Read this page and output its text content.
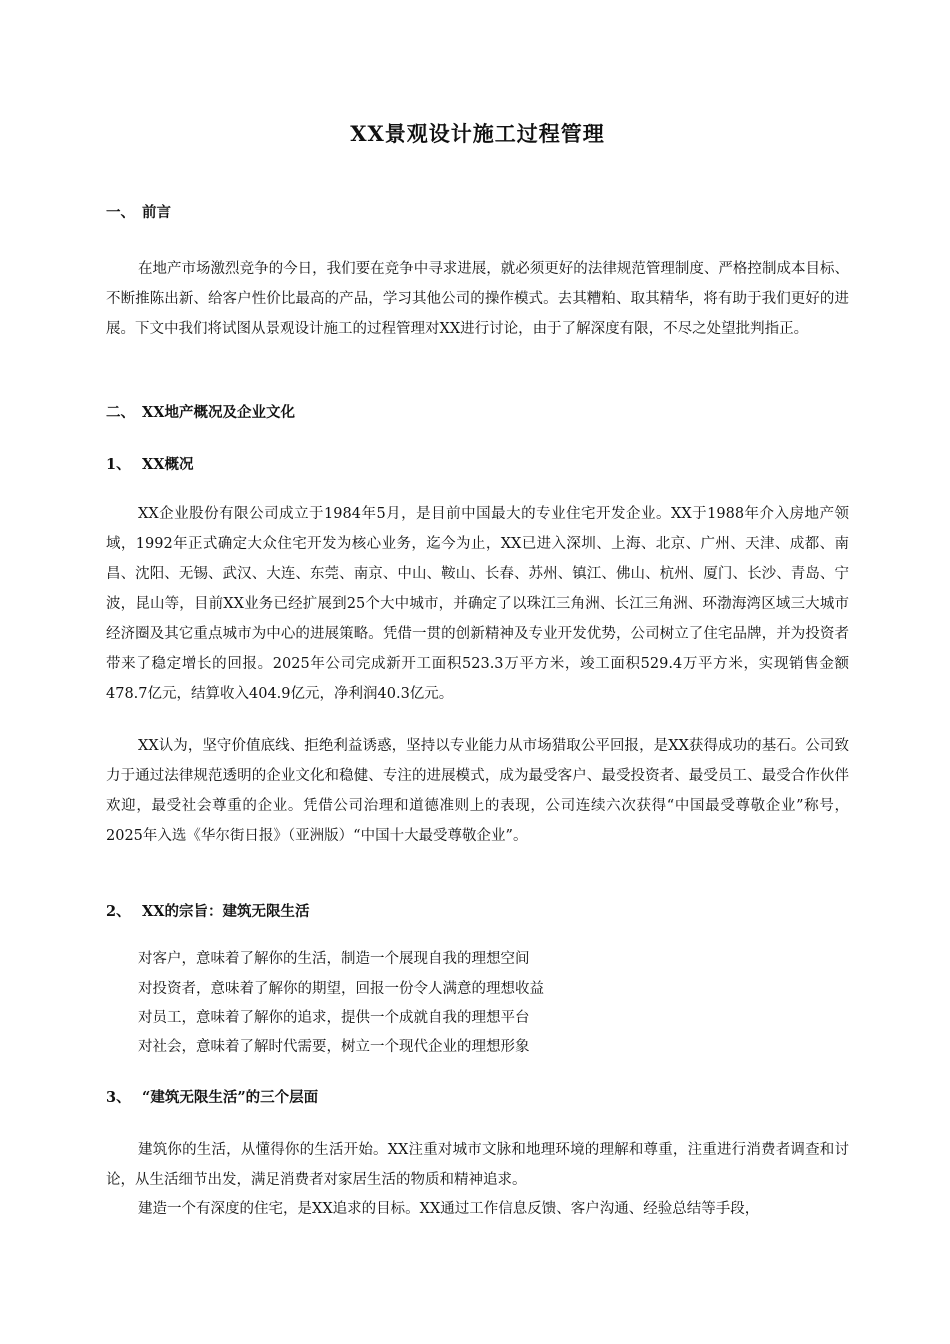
XX景观设计施工过程管理
一、 前言

在地产市场激烈竞争的今日，我们要在竞争中寻求进展，就必须更好的法律规范管理制度、严格控制成本目标、不断推陈出新、给客户性价比最高的产品，学习其他公司的操作模式。去其糟粕、取其精华，将有助于我们更好的进展。下文中我们将试图从景观设计施工的过程管理对XX进行讨论，由于了解深度有限，不尽之处望批判指正。

二、 XX地产概况及企业文化
1、 XX概况

XX企业股份有限公司成立于1984年5月，是目前中国最大的专业住宅开发企业。XX于1988年介入房地产领域，1992年正式确定大众住宅开发为核心业务，迄今为止，XX已进入深圳、上海、北京、广州、天津、成都、南昌、沈阳、无锡、武汉、大连、东莞、南京、中山、鞍山、长春、苏州、镇江、佛山、杭州、厦门、长沙、青岛、宁波，昆山等，目前XX业务已经扩展到25个大中城市，并确定了以珠江三角洲、长江三角洲、环渤海湾区域三大城市经济圈及其它重点城市为中心的进展策略。凭借一贯的创新精神及专业开发优势，公司树立了住宅品牌，并为投资者带来了稳定增长的回报。2025年公司完成新开工面积523.3万平方米，竣工面积529.4万平方米，实现销售金额478.7亿元，结算收入404.9亿元，净利润40.3亿元。

XX认为，坚守价值底线、拒绝利益诱惑，坚持以专业能力从市场猎取公平回报，是XX获得成功的基石。公司致力于通过法律规范透明的企业文化和稳健、专注的进展模式，成为最受客户、最受投资者、最受员工、最受合作伙伴欢迎，最受社会尊重的企业。凭借公司治理和道德准则上的表现，公司连续六次获得“中国最受尊敬企业”称号，2025年入选《华尔街日报》（亚洲版）“中国十大最受尊敬企业”。

2、 XX的宗旨：建筑无限生活

对客户，意味着了解你的生活，制造一个展现自我的理想空间

对投资者，意味着了解你的期望，回报一份令人满意的理想收益

对员工，意味着了解你的追求，提供一个成就自我的理想平台

对社会，意味着了解时代需要，树立一个现代企业的理想形象

3、 “建筑无限生活”的三个层面

建筑你的生活，从懂得你的生活开始。XX注重对城市文脉和地理环境的理解和尊重，注重进行消费者调查和讨论，从生活细节出发，满足消费者对家居生活的物质和精神追求。

建造一个有深度的住宅，是XX追求的目标。XX通过工作信息反馈、客户沟通、经验总结等手段，
